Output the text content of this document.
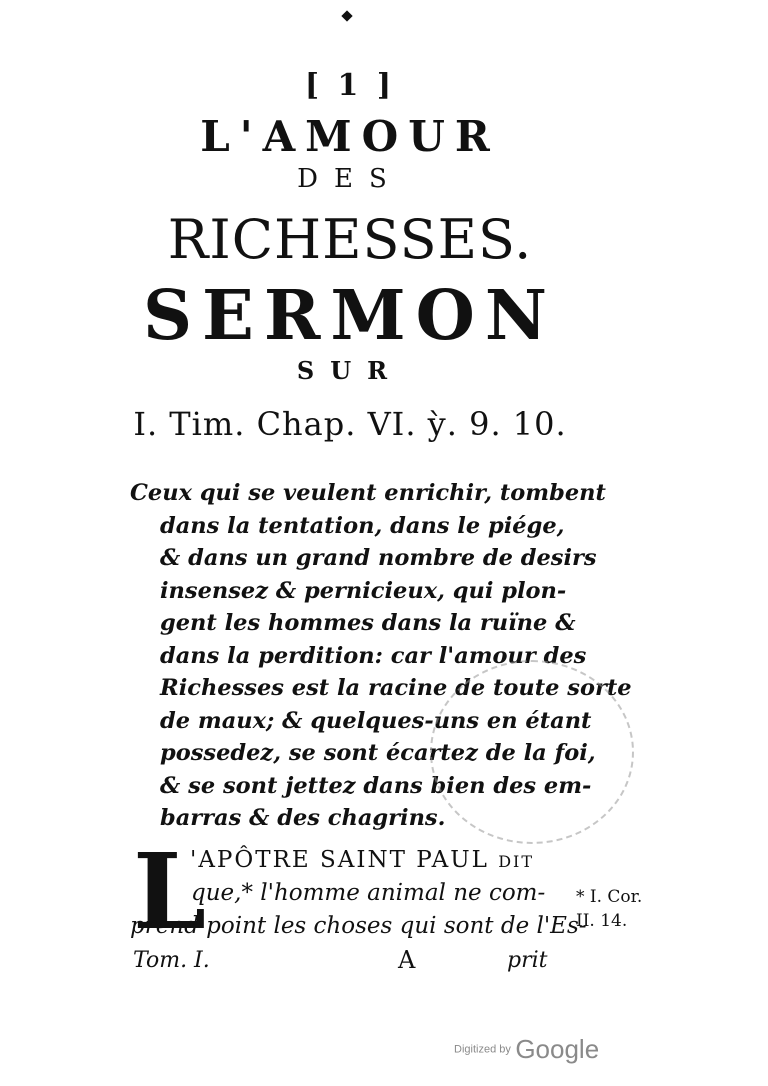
[ 1 ]
L'AMOUR
DES
RICHESSES.
SERMON
SUR
I. Tim. Chap. VI. ỳ. 9. 10.
Ceux qui se veulent enrichir, tombent
dans la tentation, dans le piége,
& dans un grand nombre de desirs
insensez & pernicieux, qui plon-
gent les hommes dans la ruïne &
dans la perdition: car l'amour des
Richesses est la racine de toute sorte
de maux; & quelques-uns en étant
possedez, se sont écartez de la foi,
& se sont jettez dans bien des em-
barras & des chagrins.
L
'APÔTRE SAINT PAUL dit
que,* l'homme animal ne com-
prend point les choses qui sont de l'Es-
* I. Cor.
II. 14.
Tom. I.	A	prit
Digitized by Google
